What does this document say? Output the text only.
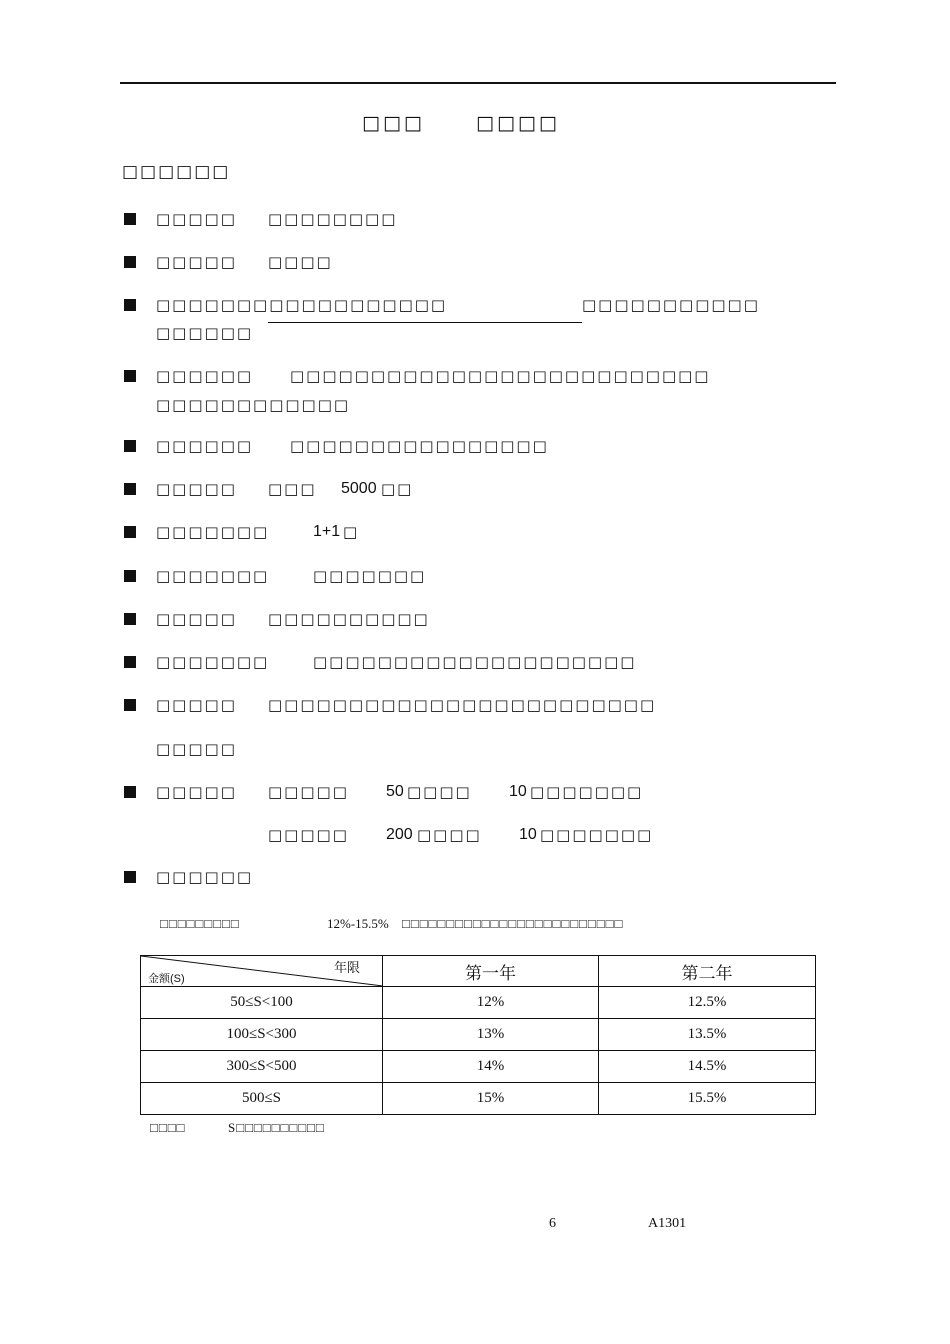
□□□	□□□□
□□□□□□
□□□□□ □□□□□□□□
□□□□□ □□□□
□□□□□□□□□□□□□□□□□□	□□□□□□□□□□□
□□□□□□
□□□□□□ □□□□□□□□□□□□□□□□□□□□□□□□□□
□□□□□□□□□□□□
□□□□□□ □□□□□□□□□□□□□□□□
□□□□□ □□□ 5000 □□
□□□□□□□	1+1 □
□□□□□□□	□□□□□□□
□□□□□ □□□□□□□□□□
□□□□□□□	□□□□□□□□□□□□□□□□□□□□
□□□□□ □□□□□□□□□□□□□□□□□□□□□□□□
□□□□□
□□□□□ □□□□□ 50 □□□□ 10 □□□□□□□
□□□□□ 200 □□□□ 10 □□□□□□□
□□□□□□
□□□□□□□□□	12%-15.5% □□□□□□□□□□□□□□□□□□□□□□□□□
年限
金额(S)	第一年	第二年
50≤S<100	12%	12.5%
100≤S<300	13%	13.5%
300≤S<500	14%	14.5%
500≤S	15%	15.5%
□□□□	S□□□□□□□□□□
6	A1301
